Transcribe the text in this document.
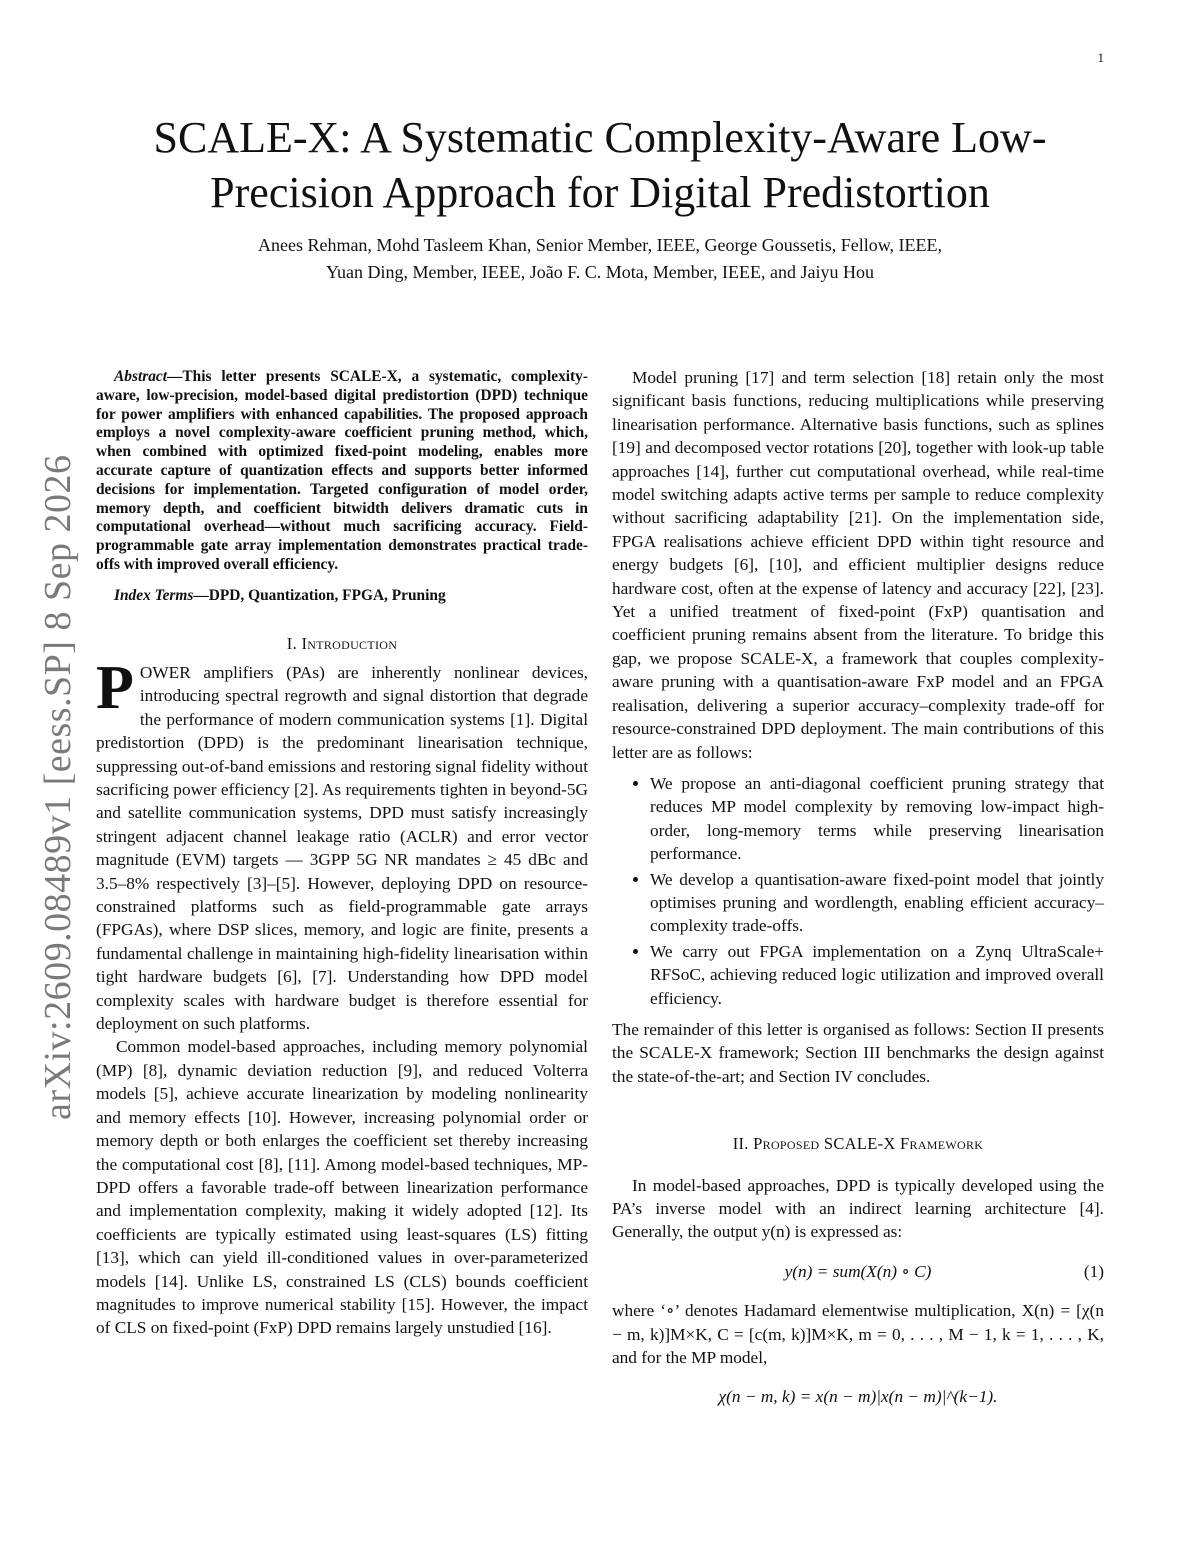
1
arXiv:2609.08489v1 [eess.SP] 8 Sep 2026
SCALE-X: A Systematic Complexity-Aware Low-Precision Approach for Digital Predistortion
Anees Rehman, Mohd Tasleem Khan, Senior Member, IEEE, George Goussetis, Fellow, IEEE,
Yuan Ding, Member, IEEE, João F. C. Mota, Member, IEEE, and Jaiyu Hou

Abstract—This letter presents SCALE-X, a systematic, complexity-aware, low-precision, model-based digital predistortion (DPD) technique for power amplifiers with enhanced capabilities. The proposed approach employs a novel complexity-aware coefficient pruning method, which, when combined with optimized fixed-point modeling, enables more accurate capture of quantization effects and supports better informed decisions for implementation. Targeted configuration of model order, memory depth, and coefficient bitwidth delivers dramatic cuts in computational overhead—without much sacrificing accuracy. Field-programmable gate array implementation demonstrates practical trade-offs with improved overall efficiency.

Index Terms—DPD, Quantization, FPGA, Pruning

I. Introduction

POWER amplifiers (PAs) are inherently nonlinear devices, introducing spectral regrowth and signal distortion that degrade the performance of modern communication systems [1]. Digital predistortion (DPD) is the predominant linearisation technique, suppressing out-of-band emissions and restoring signal fidelity without sacrificing power efficiency [2]. As requirements tighten in beyond-5G and satellite communication systems, DPD must satisfy increasingly stringent adjacent channel leakage ratio (ACLR) and error vector magnitude (EVM) targets — 3GPP 5G NR mandates ≥ 45 dBc and 3.5–8% respectively [3]–[5]. However, deploying DPD on resource-constrained platforms such as field-programmable gate arrays (FPGAs), where DSP slices, memory, and logic are finite, presents a fundamental challenge in maintaining high-fidelity linearisation within tight hardware budgets [6], [7]. Understanding how DPD model complexity scales with hardware budget is therefore essential for deployment on such platforms.

Common model-based approaches, including memory polynomial (MP) [8], dynamic deviation reduction [9], and reduced Volterra models [5], achieve accurate linearization by modeling nonlinearity and memory effects [10]. However, increasing polynomial order or memory depth or both enlarges the coefficient set thereby increasing the computational cost [8], [11]. Among model-based techniques, MP-DPD offers a favorable trade-off between linearization performance and implementation complexity, making it widely adopted [12]. Its coefficients are typically estimated using least-squares (LS) fitting [13], which can yield ill-conditioned values in over-parameterized models [14]. Unlike LS, constrained LS (CLS) bounds coefficient magnitudes to improve numerical stability [15]. However, the impact of CLS on fixed-point (FxP) DPD remains largely unstudied [16].

Model pruning [17] and term selection [18] retain only the most significant basis functions, reducing multiplications while preserving linearisation performance. Alternative basis functions, such as splines [19] and decomposed vector rotations [20], together with look-up table approaches [14], further cut computational overhead, while real-time model switching adapts active terms per sample to reduce complexity without sacrificing adaptability [21]. On the implementation side, FPGA realisations achieve efficient DPD within tight resource and energy budgets [6], [10], and efficient multiplier designs reduce hardware cost, often at the expense of latency and accuracy [22], [23]. Yet a unified treatment of fixed-point (FxP) quantisation and coefficient pruning remains absent from the literature. To bridge this gap, we propose SCALE-X, a framework that couples complexity-aware pruning with a quantisation-aware FxP model and an FPGA realisation, delivering a superior accuracy–complexity trade-off for resource-constrained DPD deployment. The main contributions of this letter are as follows:

• We propose an anti-diagonal coefficient pruning strategy that reduces MP model complexity by removing low-impact high-order, long-memory terms while preserving linearisation performance.
• We develop a quantisation-aware fixed-point model that jointly optimises pruning and wordlength, enabling efficient accuracy–complexity trade-offs.
• We carry out FPGA implementation on a Zynq UltraScale+ RFSoC, achieving reduced logic utilization and improved overall efficiency.

The remainder of this letter is organised as follows: Section II presents the SCALE-X framework; Section III benchmarks the design against the state-of-the-art; and Section IV concludes.

II. Proposed SCALE-X Framework

In model-based approaches, DPD is typically developed using the PA’s inverse model with an indirect learning architecture [4]. Generally, the output y(n) is expressed as:

y(n) = sum(X(n) ∘ C)	(1)

where ‘∘’ denotes Hadamard elementwise multiplication, X(n) = [χ(n − m, k)]M×K, C = [c(m, k)]M×K, m = 0, . . . , M − 1, k = 1, . . . , K, and for the MP model,

χ(n − m, k) = x(n − m)|x(n − m)|^(k−1).
